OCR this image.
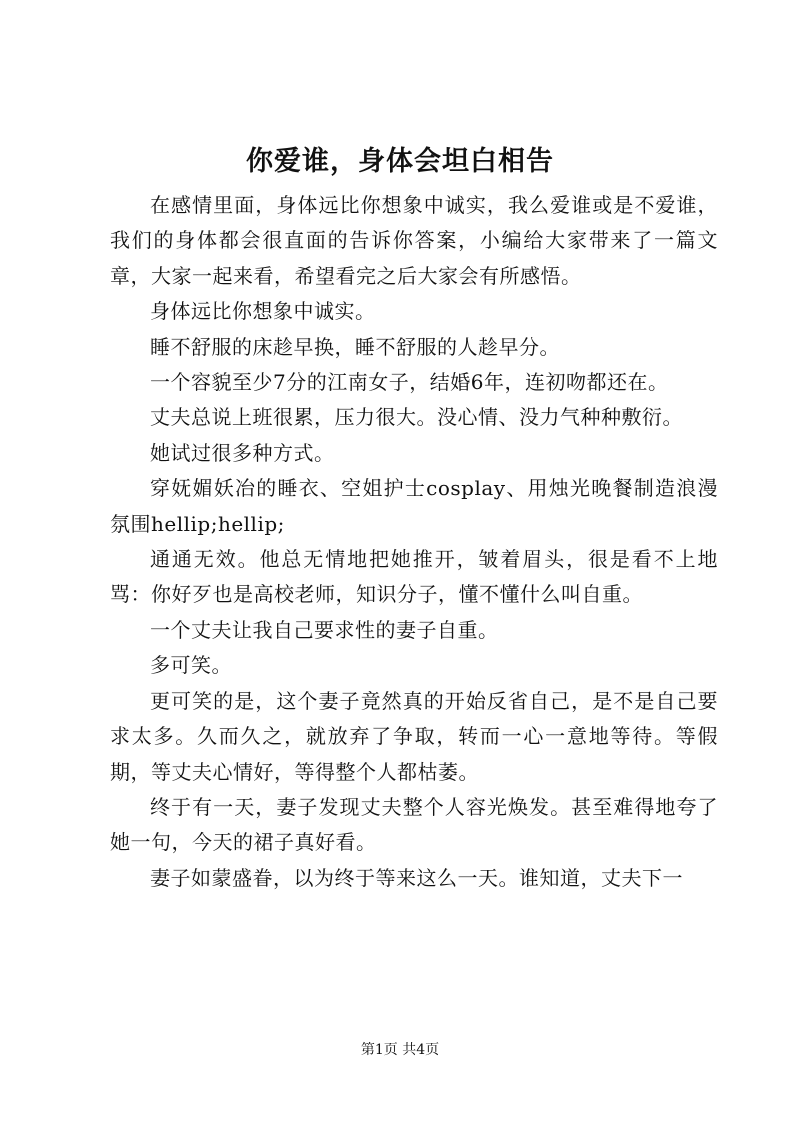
你爱谁，身体会坦白相告

在感情里面，身体远比你想象中诚实，我么爱谁或是不爱谁，我们的身体都会很直面的告诉你答案，小编给大家带来了一篇文章，大家一起来看，希望看完之后大家会有所感悟。

身体远比你想象中诚实。

睡不舒服的床趁早换，睡不舒服的人趁早分。

一个容貌至少7分的江南女子，结婚6年，连初吻都还在。

丈夫总说上班很累，压力很大。没心情、没力气种种敷衍。

她试过很多种方式。

穿妩媚妖冶的睡衣、空姐护士cosplay、用烛光晚餐制造浪漫氛围hellip;hellip;

通通无效。他总无情地把她推开，皱着眉头，很是看不上地骂：你好歹也是高校老师，知识分子，懂不懂什么叫自重。

一个丈夫让我自己要求性的妻子自重。

多可笑。

更可笑的是，这个妻子竟然真的开始反省自己，是不是自己要求太多。久而久之，就放弃了争取，转而一心一意地等待。等假期，等丈夫心情好，等得整个人都枯萎。

终于有一天，妻子发现丈夫整个人容光焕发。甚至难得地夸了她一句，今天的裙子真好看。

妻子如蒙盛眷，以为终于等来这么一天。谁知道，丈夫下一

第1页 共4页
